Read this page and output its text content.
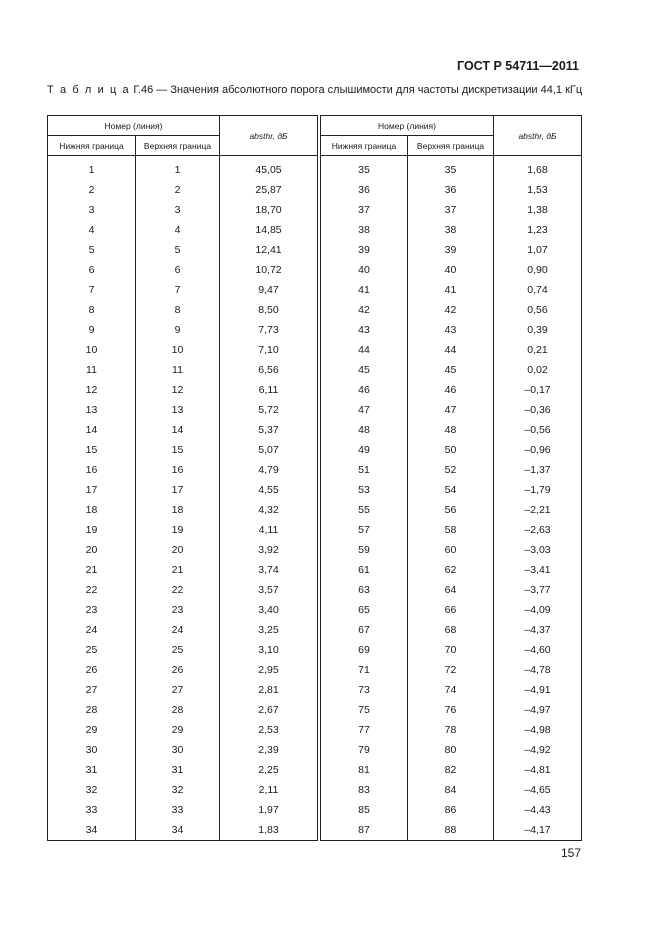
ГОСТ Р 54711—2011
Т а б л и ц а Г.46 — Значения абсолютного порога слышимости для частоты дискретизации 44,1 кГц
Номер (линия)		absthr, дБ
Нижняя граница	Верхняя граница	
1	1	45,05
2	2	25,87
3	3	18,70
4	4	14,85
5	5	12,41
6	6	10,72
7	7	9,47
8	8	8,50
9	9	7,73
10	10	7,10
11	11	6,56
12	12	6,11
13	13	5,72
14	14	5,37
15	15	5,07
16	16	4,79
17	17	4,55
18	18	4,32
19	19	4,11
20	20	3,92
21	21	3,74
22	22	3,57
23	23	3,40
24	24	3,25
25	25	3,10
26	26	2,95
27	27	2,81
28	28	2,67
29	29	2,53
30	30	2,39
31	31	2,25
32	32	2,11
33	33	1,97
34	34	1,83
Номер (линия)		absthr, дБ
Нижняя граница	Верхняя граница	
35	35	1,68
36	36	1,53
37	37	1,38
38	38	1,23
39	39	1,07
40	40	0,90
41	41	0,74
42	42	0,56
43	43	0,39
44	44	0,21
45	45	0,02
46	46	–0,17
47	47	–0,36
48	48	–0,56
49	50	–0,96
51	52	–1,37
53	54	–1,79
55	56	–2,21
57	58	–2,63
59	60	–3,03
61	62	–3,41
63	64	–3,77
65	66	–4,09
67	68	–4,37
69	70	–4,60
71	72	–4,78
73	74	–4,91
75	76	–4,97
77	78	–4,98
79	80	–4,92
81	82	–4,81
83	84	–4,65
85	86	–4,43
87	88	–4,17
157
